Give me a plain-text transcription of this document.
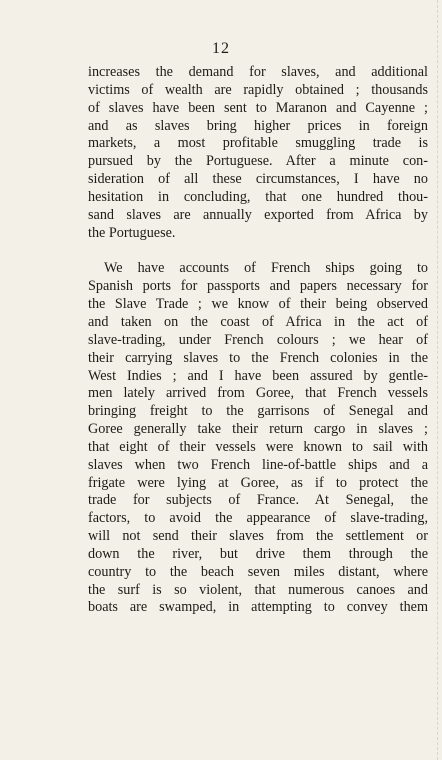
12
increases the demand for slaves, and additional
victims of wealth are rapidly obtained ; thousands
of slaves have been sent to Maranon and Cayenne ;
and as slaves bring higher prices in foreign
markets, a most profitable smuggling trade is
pursued by the Portuguese. After a minute con-
sideration of all these circumstances, I have no
hesitation in concluding, that one hundred thou-
sand slaves are annually exported from Africa by
the Portuguese.
We have accounts of French ships going to
Spanish ports for passports and papers necessary for
the Slave Trade ; we know of their being observed
and taken on the coast of Africa in the act of
slave-trading, under French colours ; we hear of
their carrying slaves to the French colonies in the
West Indies ; and I have been assured by gentle-
men lately arrived from Goree, that French vessels
bringing freight to the garrisons of Senegal and
Goree generally take their return cargo in slaves ;
that eight of their vessels were known to sail with
slaves when two French line-of-battle ships and a
frigate were lying at Goree, as if to protect the
trade for subjects of France. At Senegal, the
factors, to avoid the appearance of slave-trading,
will not send their slaves from the settlement or
down the river, but drive them through the
country to the beach seven miles distant, where
the surf is so violent, that numerous canoes and
boats are swamped, in attempting to convey them
